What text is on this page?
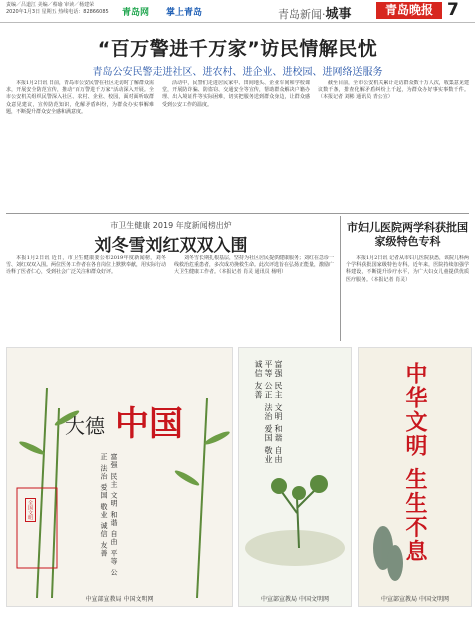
责编／吕道江 美编／蔡瑜 审读／杨建荣
2020年1月3日 星期五 热线电话：82866085 青岛网 掌上青岛	青岛新闻·城事	青岛晚报 7
“百万警进千万家”访民情解民忧
青岛公安民警走进社区、进农村、进企业、进校园、进网络送服务

本报1月2日讯 日前，青岛市公安民警在社区走访时了解群众需求，开展安全防范宣传，推动“百万警进千万家”活动深入开展。全市公安机关组织民警深入社区、农村、企业、校园，面对面听取群众意见建议，宣传防范知识，化解矛盾纠纷，为群众办实事解难题，不断提升群众安全感和满意度。

活动中，民警们走进居民家中、田间地头、企业车间和学校课堂，开展防诈骗、防盗窃、交通安全等宣传，帮助群众解决户籍办理、出入境证件等实际困难，切实把服务送到群众身边，让群众感受到公安工作的温度。

截至目前，全市公安机关累计走访群众数十万人次，收集意见建议数千条，排查化解矛盾纠纷上千起，为群众办好事实事数千件。（本报记者 刘彬 通讯员 青公宣）

市卫生健康 2019 年度新闻榜出炉
刘冬雪刘红双双入围

本报1月2日讯 近日，市卫生健康委公布2019年度新闻榜，刘冬雪、刘红双双入围。两位医务工作者在各自岗位上默默奉献，用实际行动诠释了医者仁心，受到社会广泛关注和群众好评。

刘冬雪长期扎根基层，坚持为社区居民提供健康服务；刘红在急诊一线救治危重患者，多次成功挽救生命。此次评选旨在弘扬正能量，激励广大卫生健康工作者。（本报记者 肖灵 通讯员 杨明）

市妇儿医院两学科获批国家级特色专科

本报1月2日讯 记者从市妇儿医院获悉，该院儿科两个学科获批国家级特色专科。近年来，医院持续加强学科建设，不断提升诊疗水平，为广大妇女儿童提供优质医疗服务。（本报记者 肖灵）

大德 中国
富强 民主 文明 和谐 自由 平等 公正 法治 爱国 敬业 诚信 友善
全国文明
中宣部宣教局 中国文明网
富强 民主 文明 和谐 自由 平等 公正 法治 爱国 敬业 诚信 友善
中宣部宣教局 中国文明网
中华文明 生生不息
中宣部宣教局 中国文明网
